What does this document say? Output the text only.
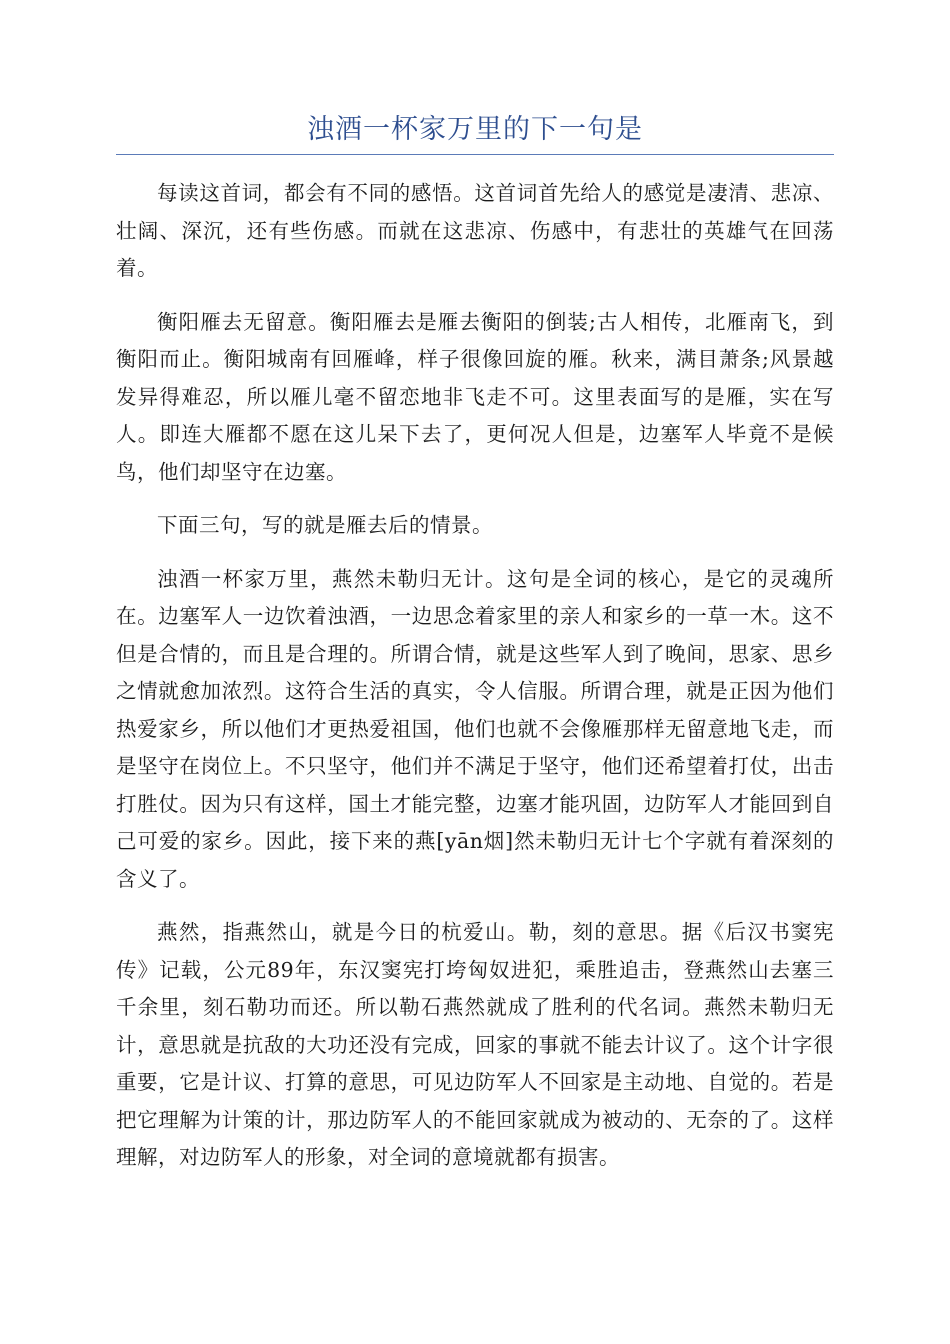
浊酒一杯家万里的下一句是

每读这首词，都会有不同的感悟。这首词首先给人的感觉是凄清、悲凉、壮阔、深沉，还有些伤感。而就在这悲凉、伤感中，有悲壮的英雄气在回荡着。

衡阳雁去无留意。衡阳雁去是雁去衡阳的倒装;古人相传，北雁南飞，到衡阳而止。衡阳城南有回雁峰，样子很像回旋的雁。秋来，满目萧条;风景越发异得难忍，所以雁儿毫不留恋地非飞走不可。这里表面写的是雁，实在写人。即连大雁都不愿在这儿呆下去了，更何况人但是，边塞军人毕竟不是候鸟，他们却坚守在边塞。

下面三句，写的就是雁去后的情景。

浊酒一杯家万里，燕然未勒归无计。这句是全词的核心，是它的灵魂所在。边塞军人一边饮着浊酒，一边思念着家里的亲人和家乡的一草一木。这不但是合情的，而且是合理的。所谓合情，就是这些军人到了晚间，思家、思乡之情就愈加浓烈。这符合生活的真实，令人信服。所谓合理，就是正因为他们热爱家乡，所以他们才更热爱祖国，他们也就不会像雁那样无留意地飞走，而是坚守在岗位上。不只坚守，他们并不满足于坚守，他们还希望着打仗，出击打胜仗。因为只有这样，国土才能完整，边塞才能巩固，边防军人才能回到自己可爱的家乡。因此，接下来的燕[yān烟]然未勒归无计七个字就有着深刻的含义了。

燕然，指燕然山，就是今日的杭爱山。勒，刻的意思。据《后汉书窦宪传》记载，公元89年，东汉窦宪打垮匈奴进犯，乘胜追击，登燕然山去塞三千余里，刻石勒功而还。所以勒石燕然就成了胜利的代名词。燕然未勒归无计，意思就是抗敌的大功还没有完成，回家的事就不能去计议了。这个计字很重要，它是计议、打算的意思，可见边防军人不回家是主动地、自觉的。若是把它理解为计策的计，那边防军人的不能回家就成为被动的、无奈的了。这样理解，对边防军人的形象，对全词的意境就都有损害。
